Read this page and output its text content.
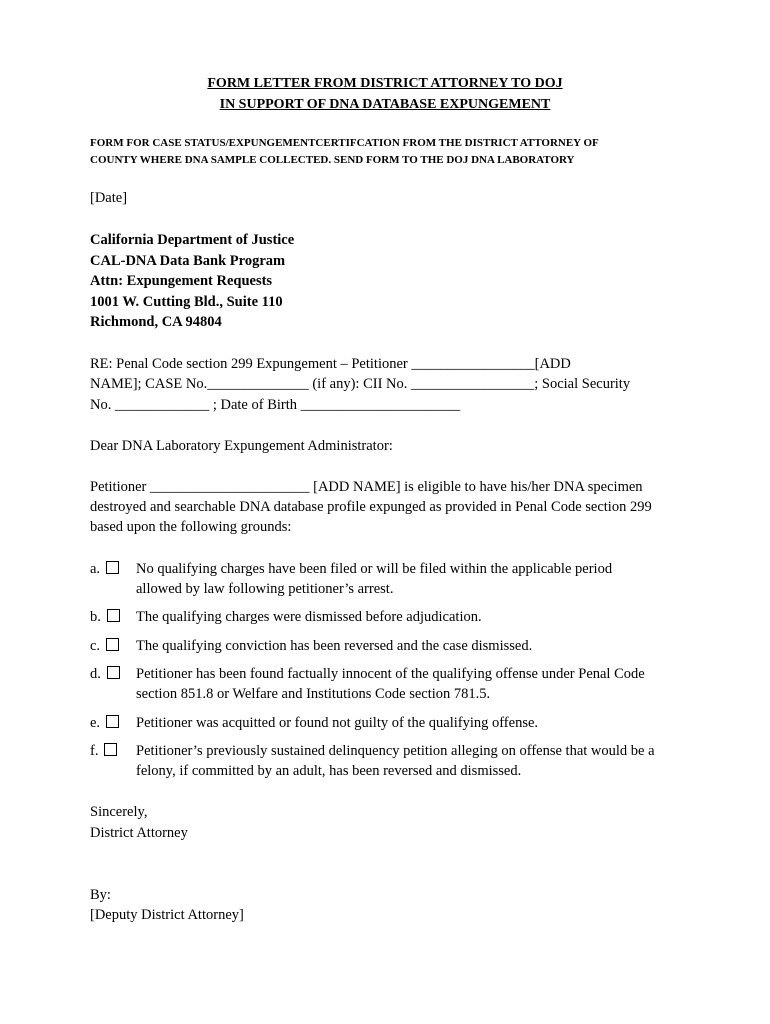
FORM LETTER FROM DISTRICT ATTORNEY TO DOJ
IN SUPPORT OF DNA DATABASE EXPUNGEMENT
FORM FOR CASE STATUS/EXPUNGEMENTCERTIFCATION FROM THE DISTRICT ATTORNEY OF
COUNTY WHERE DNA SAMPLE COLLECTED. SEND FORM TO THE DOJ DNA LABORATORY
[Date]
California Department of Justice
CAL-DNA Data Bank Program
Attn: Expungement Requests
1001 W. Cutting Bld., Suite 110
Richmond, CA 94804
RE: Penal Code section 299 Expungement – Petitioner _________________[ADD
NAME]; CASE No.______________ (if any): CII No. _________________; Social Security
No. _____________ ; Date of Birth ______________________
Dear DNA Laboratory Expungement Administrator:
Petitioner ______________________ [ADD NAME] is eligible to have his/her DNA specimen
destroyed and searchable DNA database profile expunged as provided in Penal Code section 299
based upon the following grounds:
a.	No qualifying charges have been filed or will be filed within the applicable period
allowed by law following petitioner’s arrest.
b.	The qualifying charges were dismissed before adjudication.
c.	The qualifying conviction has been reversed and the case dismissed.
d.	Petitioner has been found factually innocent of the qualifying offense under Penal Code
section 851.8 or Welfare and Institutions Code section 781.5.
e.	Petitioner was acquitted or found not guilty of the qualifying offense.
f.	Petitioner’s previously sustained delinquency petition alleging on offense that would be a
felony, if committed by an adult, has been reversed and dismissed.
Sincerely,
District Attorney
By:
[Deputy District Attorney]
